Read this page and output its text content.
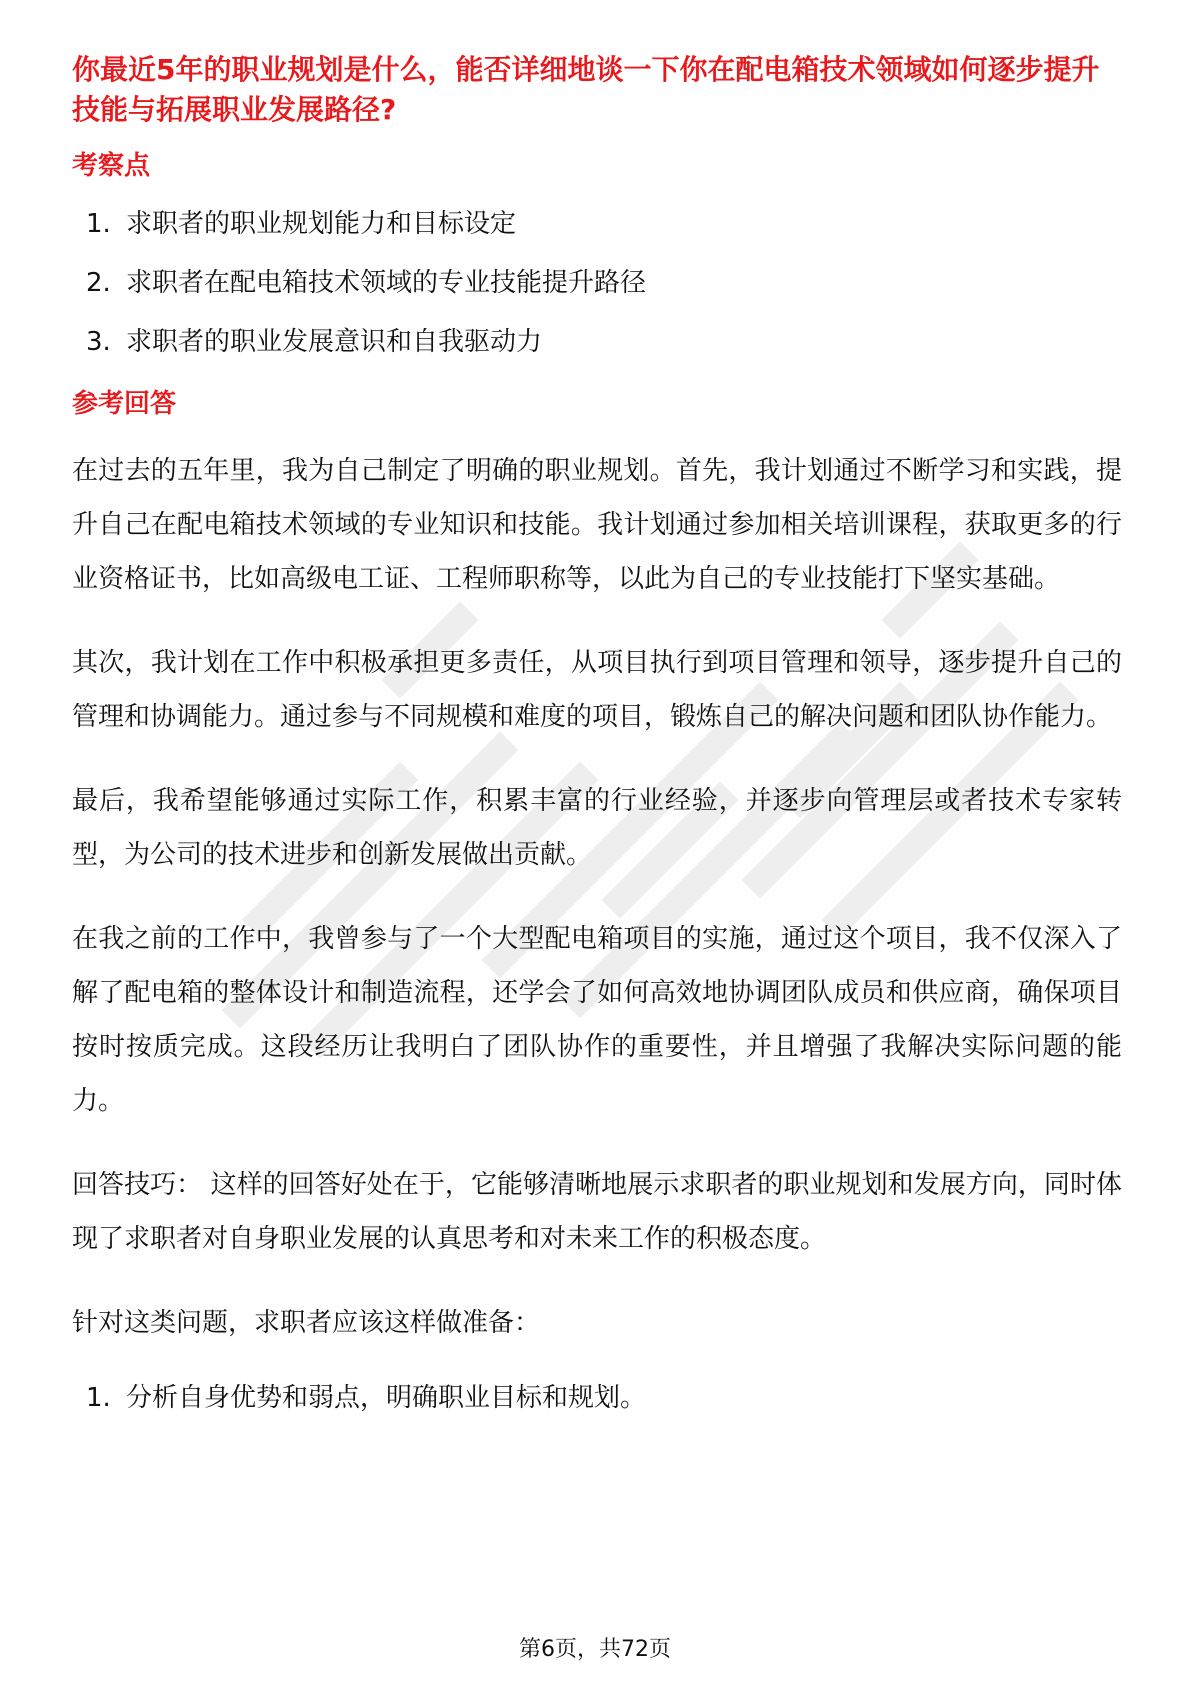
你最近5年的职业规划是什么，能否详细地谈一下你在配电箱技术领域如何逐步提升技能与拓展职业发展路径?
考察点
1. 求职者的职业规划能力和目标设定
2. 求职者在配电箱技术领域的专业技能提升路径
3. 求职者的职业发展意识和自我驱动力
参考回答

在过去的五年里，我为自己制定了明确的职业规划。首先，我计划通过不断学习和实践，提升自己在配电箱技术领域的专业知识和技能。我计划通过参加相关培训课程，获取更多的行业资格证书，比如高级电工证、工程师职称等，以此为自己的专业技能打下坚实基础。

其次，我计划在工作中积极承担更多责任，从项目执行到项目管理和领导，逐步提升自己的管理和协调能力。通过参与不同规模和难度的项目，锻炼自己的解决问题和团队协作能力。

最后，我希望能够通过实际工作，积累丰富的行业经验，并逐步向管理层或者技术专家转型，为公司的技术进步和创新发展做出贡献。

在我之前的工作中，我曾参与了一个大型配电箱项目的实施，通过这个项目，我不仅深入了解了配电箱的整体设计和制造流程，还学会了如何高效地协调团队成员和供应商，确保项目按时按质完成。这段经历让我明白了团队协作的重要性，并且增强了我解决实际问题的能力。

回答技巧： 这样的回答好处在于，它能够清晰地展示求职者的职业规划和发展方向，同时体现了求职者对自身职业发展的认真思考和对未来工作的积极态度。

针对这类问题，求职者应该这样做准备：

1. 分析自身优势和弱点，明确职业目标和规划。
第6页，共72页
